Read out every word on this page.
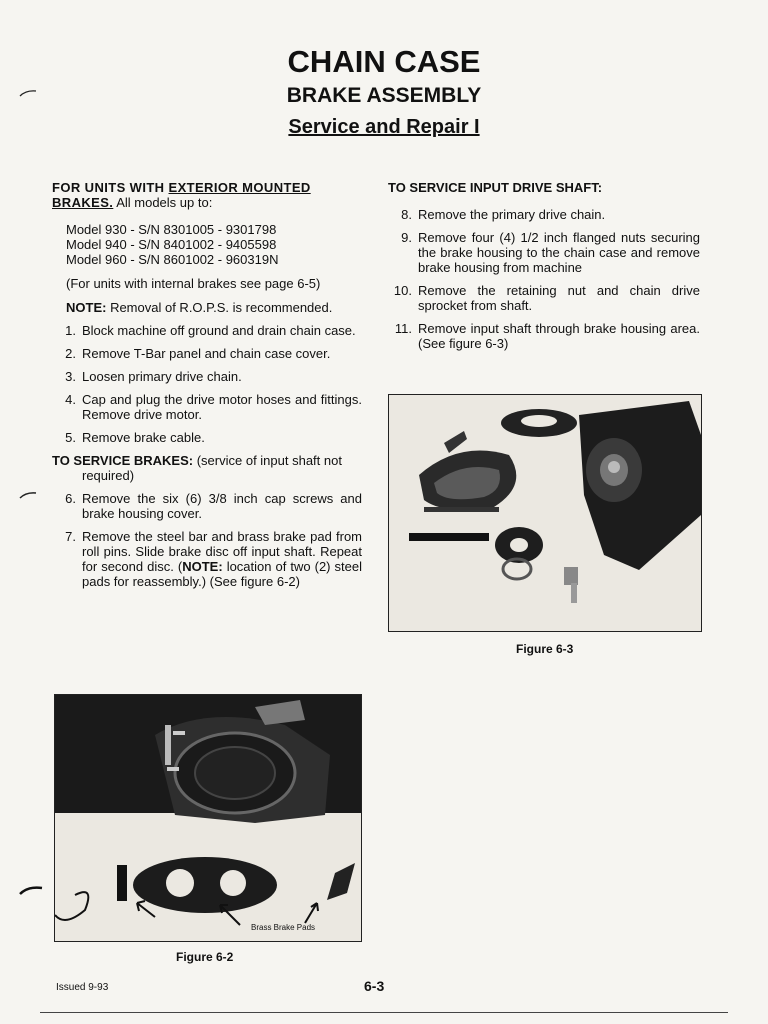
CHAIN CASE
BRAKE ASSEMBLY
Service and Repair I

FOR UNITS WITH EXTERIOR MOUNTED BRAKES. All models up to:

Model 930 - S/N 8301005 - 9301798

Model 940 - S/N 8401002 - 9405598

Model 960 - S/N 8601002 - 960319N

(For units with internal brakes see page 6-5)

NOTE: Removal of R.O.P.S. is recommended.

1. Block machine off ground and drain chain case.
2. Remove T-Bar panel and chain case cover.
3. Loosen primary drive chain.
4. Cap and plug the drive motor hoses and fittings. Remove drive motor.
5. Remove brake cable.

TO SERVICE BRAKES: (service of input shaft not required)

6. Remove the six (6) 3/8 inch cap screws and brake housing cover.
7. Remove the steel bar and brass brake pad from roll pins. Slide brake disc off input shaft. Repeat for second disc. (NOTE: location of two (2) steel pads for reassembly.) (See figure 6-2)

TO SERVICE INPUT DRIVE SHAFT:

8. Remove the primary drive chain.
9. Remove four (4) 1/2 inch flanged nuts securing the brake housing to the chain case and remove brake housing from machine
10. Remove the retaining nut and chain drive sprocket from shaft.
11. Remove input shaft through brake housing area. (See figure 6-3)
Figure 6-3
Brass Brake Pads
Figure 6-2
Issued 9-93	6-3
